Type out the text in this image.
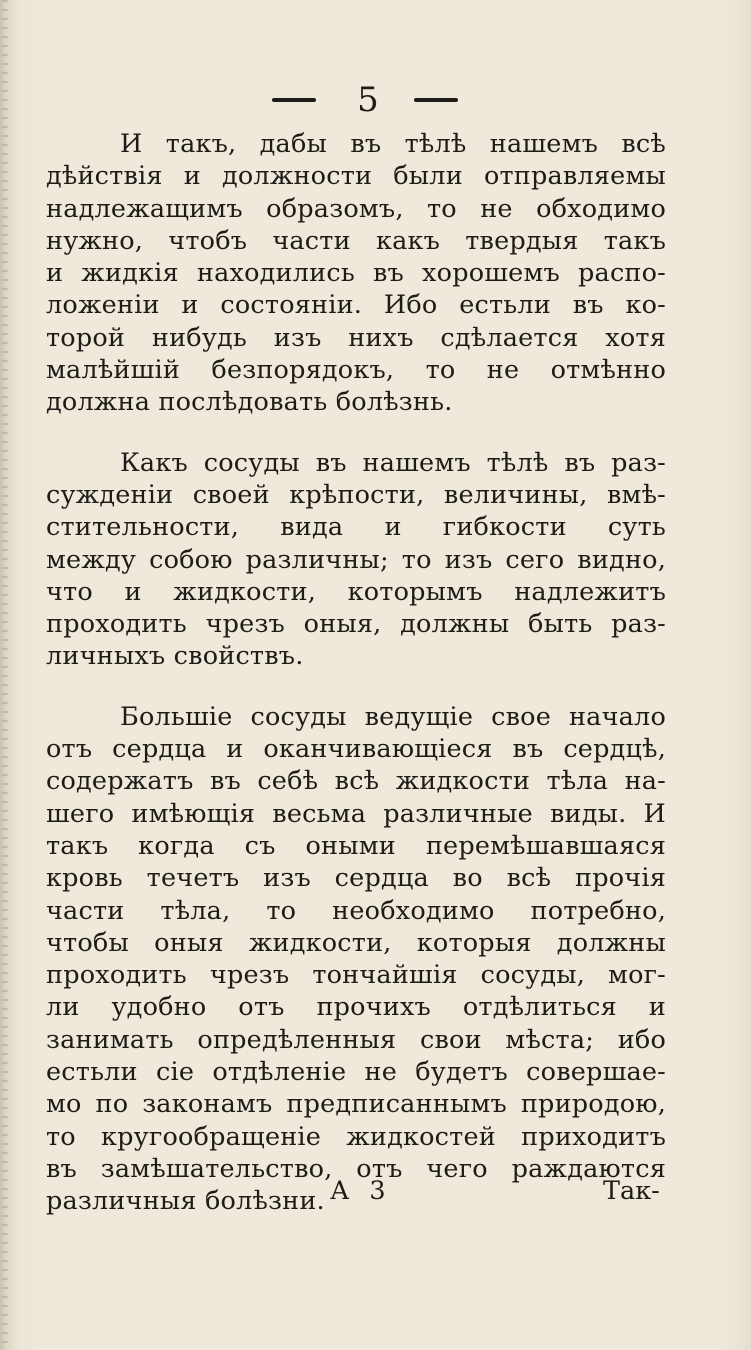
5

И такъ, дабы въ тѣлѣ нашемъ всѣ
дѣйствія и должности были отправляемы
надлежащимъ образомъ, то не обходимо
нужно, чтобъ части какъ твердыя такъ
и жидкія находились въ хорошемъ распо-
ложеніи и состояніи. Ибо естьли въ ко-
торой нибудь изъ нихъ сдѣлается хотя
малѣйшій безпорядокъ, то не отмѣнно
должна послѣдовать болѣзнь.

Какъ сосуды въ нашемъ тѣлѣ въ раз-
сужденіи своей крѣпости, величины, вмѣ-
стительности, вида и гибкости суть
между собою различны; то изъ сего видно,
что и жидкости, которымъ надлежитъ
проходить чрезъ оныя, должны быть раз-
личныхъ свойствъ.

Большіе сосуды ведущіе свое начало
отъ сердца и оканчивающіеся въ сердцѣ,
содержатъ въ себѣ всѣ жидкости тѣла на-
шего имѣющія весьма различные виды. И
такъ когда съ оными перемѣшавшаяся
кровь течетъ изъ сердца во всѣ прочія
части тѣла, то необходимо потребно,
чтобы оныя жидкости, которыя должны
проходить чрезъ тончайшія сосуды, мог-
ли удобно отъ прочихъ отдѣлиться и
занимать опредѣленныя свои мѣста; ибо
естьли сіе отдѣленіе не будетъ совершае-
мо по законамъ предписаннымъ природою,
то кругообращеніе жидкостей приходитъ
въ замѣшательство, отъ чего раждаются
различныя болѣзни. А 3	Так-
